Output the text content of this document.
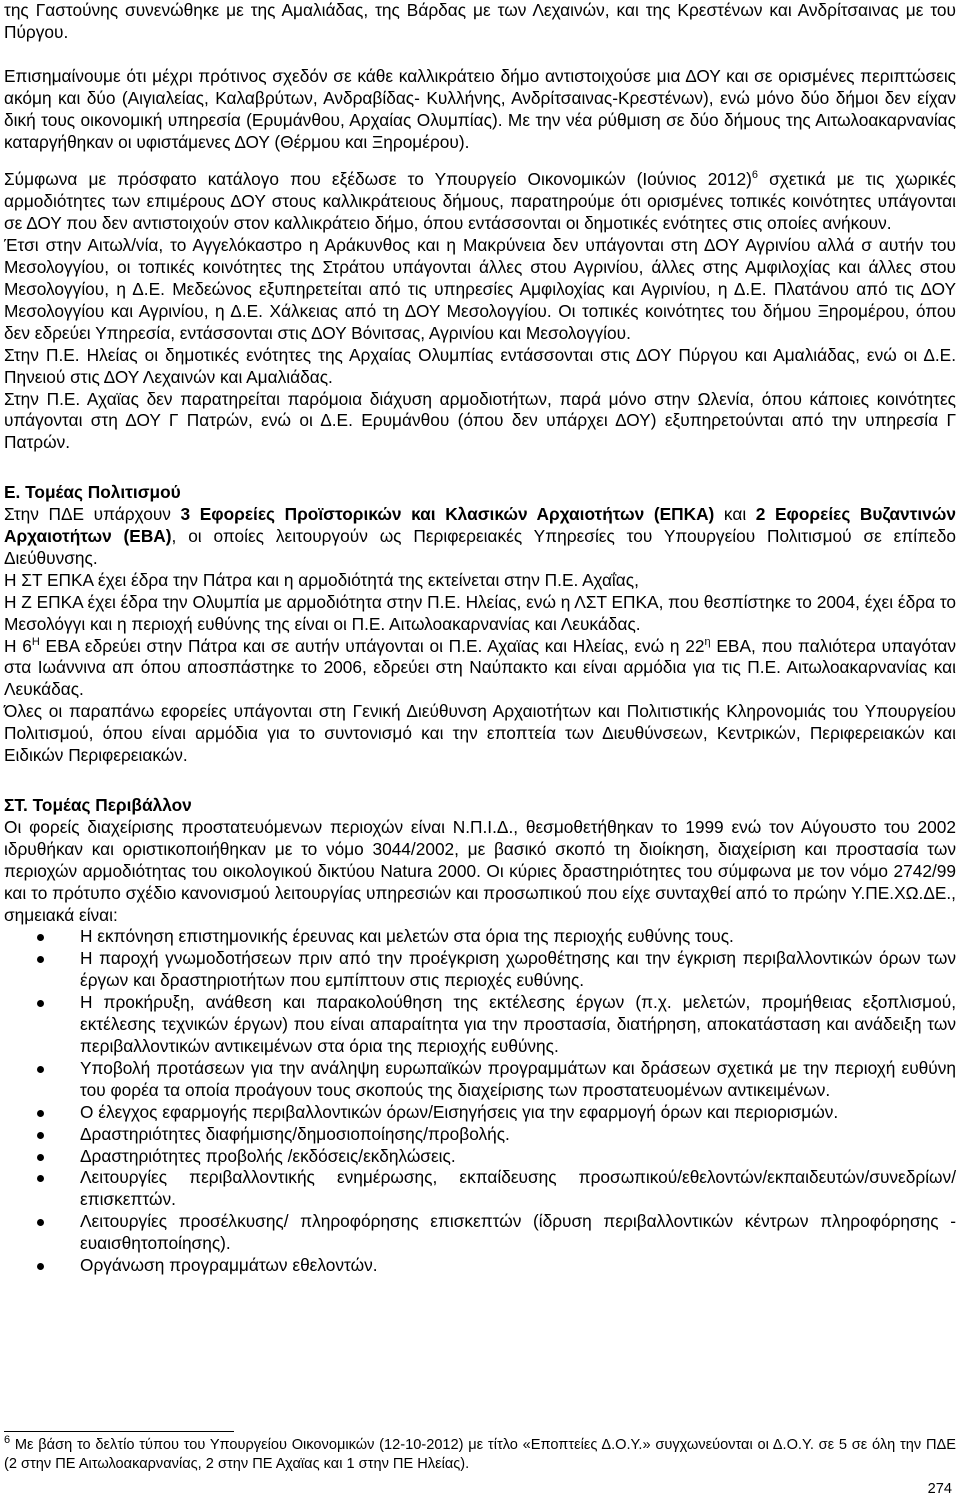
της Γαστούνης συνενώθηκε με της Αμαλιάδας, της Βάρδας με των Λεχαινών, και της Κρεστένων και Ανδρίτσαινας με του Πύργου.

Επισημαίνουμε ότι μέχρι πρότινος σχεδόν σε κάθε καλλικράτειο δήμο αντιστοιχούσε μια ΔΟΥ και σε ορισμένες περιπτώσεις ακόμη και δύο (Αιγιαλείας, Καλαβρύτων, Ανδραβίδας- Κυλλήνης, Ανδρίτσαινας-Κρεστένων), ενώ μόνο δύο δήμοι δεν είχαν δική τους οικονομική υπηρεσία (Ερυμάνθου, Αρχαίας Ολυμπίας). Με την νέα ρύθμιση σε δύο δήμους της Αιτωλοακαρνανίας καταργήθηκαν οι υφιστάμενες ΔΟΥ (Θέρμου και Ξηρομέρου).

Σύμφωνα με πρόσφατο κατάλογο που εξέδωσε το Υπουργείο Οικονομικών (Ιούνιος 2012)$^6$ σχετικά με τις χωρικές αρμοδιότητες των επιμέρους ΔΟΥ στους καλλικράτειους δήμους, παρατηρούμε ότι ορισμένες τοπικές κοινότητες υπάγονται σε ΔΟΥ που δεν αντιστοιχούν στον καλλικράτειο δήμο, όπου εντάσσονται οι δημοτικές ενότητες στις οποίες ανήκουν.

Έτσι στην Αιτωλ/νία, το Αγγελόκαστρο η Αράκυνθος και η Μακρύνεια δεν υπάγονται στη ΔΟΥ Αγρινίου αλλά σ αυτήν του Μεσολογγίου, οι τοπικές κοινότητες της Στράτου υπάγονται άλλες στου Αγρινίου, άλλες στης Αμφιλοχίας και άλλες στου Μεσολογγίου, η Δ.Ε. Μεδεώνος εξυπηρετείται από τις υπηρεσίες Αμφιλοχίας και Αγρινίου, η Δ.Ε. Πλατάνου από τις ΔΟΥ Μεσολογγίου και Αγρινίου, η Δ.Ε. Χάλκειας από τη ΔΟΥ Μεσολογγίου. Οι τοπικές κοινότητες του δήμου Ξηρομέρου, όπου δεν εδρεύει Υπηρεσία, εντάσσονται στις ΔΟΥ Βόνιτσας, Αγρινίου και Μεσολογγίου.

Στην Π.Ε. Ηλείας οι δημοτικές ενότητες της Αρχαίας Ολυμπίας εντάσσονται στις ΔΟΥ Πύργου και Αμαλιάδας, ενώ οι Δ.Ε. Πηνειού στις ΔΟΥ Λεχαινών και Αμαλιάδας.

Στην Π.Ε. Αχαϊας δεν παρατηρείται παρόμοια διάχυση αρμοδιοτήτων, παρά μόνο στην Ωλενία, όπου κάποιες κοινότητες υπάγονται στη ΔΟΥ Γ Πατρών, ενώ οι Δ.Ε. Ερυμάνθου (όπου δεν υπάρχει ΔΟΥ) εξυπηρετούνται από την υπηρεσία Γ Πατρών.

Ε. Τομέας Πολιτισμού

Στην ΠΔΕ υπάρχουν 3 Εφορείες Προϊστορικών και Κλασικών Αρχαιοτήτων (ΕΠΚΑ) και 2 Εφορείες Βυζαντινών Αρχαιοτήτων (ΕΒΑ), οι οποίες λειτουργούν ως Περιφερειακές Υπηρεσίες του Υπουργείου Πολιτισμού σε επίπεδο Διεύθυνσης.

Η ΣΤ ΕΠΚΑ έχει έδρα την Πάτρα και η αρμοδιότητά της εκτείνεται στην Π.Ε. Αχαΐας,

Η Ζ ΕΠΚΑ έχει έδρα την Ολυμπία με αρμοδιότητα στην Π.Ε. Ηλείας, ενώ η ΛΣΤ ΕΠΚΑ, που θεσπίστηκε το 2004, έχει έδρα το Μεσολόγγι και η περιοχή ευθύνης της είναι οι Π.Ε. Αιτωλοακαρνανίας και Λευκάδας.

Η $6^H$ ΕΒΑ εδρεύει στην Πάτρα και σε αυτήν υπάγονται οι Π.Ε. Αχαϊας και Ηλείας, ενώ η $22^\eta$ ΕΒΑ, που παλιότερα υπαγόταν στα Ιωάννινα απ όπου αποσπάστηκε το 2006, εδρεύει στη Ναύπακτο και είναι αρμόδια για τις Π.Ε. Αιτωλοακαρνανίας και Λευκάδας.

Όλες οι παραπάνω εφορείες υπάγονται στη Γενική Διεύθυνση Αρχαιοτήτων και Πολιτιστικής Κληρονομιάς του Υπουργείου Πολιτισμού, όπου είναι αρμόδια για το συντονισμό και την εποπτεία των Διευθύνσεων, Κεντρικών, Περιφερειακών και Ειδικών Περιφερειακών.

ΣΤ. Τομέας Περιβάλλον

Οι φορείς διαχείρισης προστατευόμενων περιοχών είναι Ν.Π.Ι.Δ., θεσμοθετήθηκαν το 1999 ενώ τον Αύγουστο του 2002 ιδρυθήκαν και οριστικοποιήθηκαν με το νόμο 3044/2002, με βασικό σκοπό τη διοίκηση, διαχείριση και προστασία των περιοχών αρμοδιότητας του οικολογικού δικτύου Natura 2000. Οι κύριες δραστηριότητες του σύμφωνα με τον νόμο 2742/99 και το πρότυπο σχέδιο κανονισμού λειτουργίας υπηρεσιών και προσωπικού που είχε συνταχθεί από το πρώην Υ.ΠΕ.ΧΩ.ΔΕ., σημειακά είναι:

Η εκπόνηση επιστημονικής έρευνας και μελετών στα όρια της περιοχής ευθύνης τους.
Η παροχή γνωμοδοτήσεων πριν από την προέγκριση χωροθέτησης και την έγκριση περιβαλλοντικών όρων των έργων και δραστηριοτήτων που εμπίπτουν στις περιοχές ευθύνης.
Η προκήρυξη, ανάθεση και παρακολούθηση της εκτέλεσης έργων (π.χ. μελετών, προμήθειας εξοπλισμού, εκτέλεσης τεχνικών έργων) που είναι απαραίτητα για την προστασία, διατήρηση, αποκατάσταση και ανάδειξη των περιβαλλοντικών αντικειμένων στα όρια της περιοχής ευθύνης.
Υποβολή προτάσεων για την ανάληψη ευρωπαϊκών προγραμμάτων και δράσεων σχετικά με την περιοχή ευθύνη του φορέα τα οποία προάγουν τους σκοπούς της διαχείρισης των προστατευομένων αντικειμένων.
Ο έλεγχος εφαρμογής περιβαλλοντικών όρων/Εισηγήσεις για την εφαρμογή όρων και περιορισμών.
Δραστηριότητες διαφήμισης/δημοσιοποίησης/προβολής.
Δραστηριότητες προβολής /εκδόσεις/εκδηλώσεις.
Λειτουργίες περιβαλλοντικής ενημέρωσης, εκπαίδευσης προσωπικού/εθελοντών/εκπαιδευτών/συνεδρίων/επισκεπτών.
Λειτουργίες προσέλκυσης/ πληροφόρησης επισκεπτών (ίδρυση περιβαλλοντικών κέντρων πληροφόρησης - ευαισθητοποίησης).
Οργάνωση προγραμμάτων εθελοντών.
$^6$ Με βάση το δελτίο τύπου του Υπουργείου Οικονομικών (12-10-2012) με τίτλο «Εποπτείες Δ.Ο.Υ.» συγχωνεύονται οι Δ.Ο.Υ. σε 5 σε όλη την ΠΔΕ (2 στην ΠΕ Αιτωλοακαρνανίας, 2 στην ΠΕ Αχαϊας και 1 στην ΠΕ Ηλείας).
274
